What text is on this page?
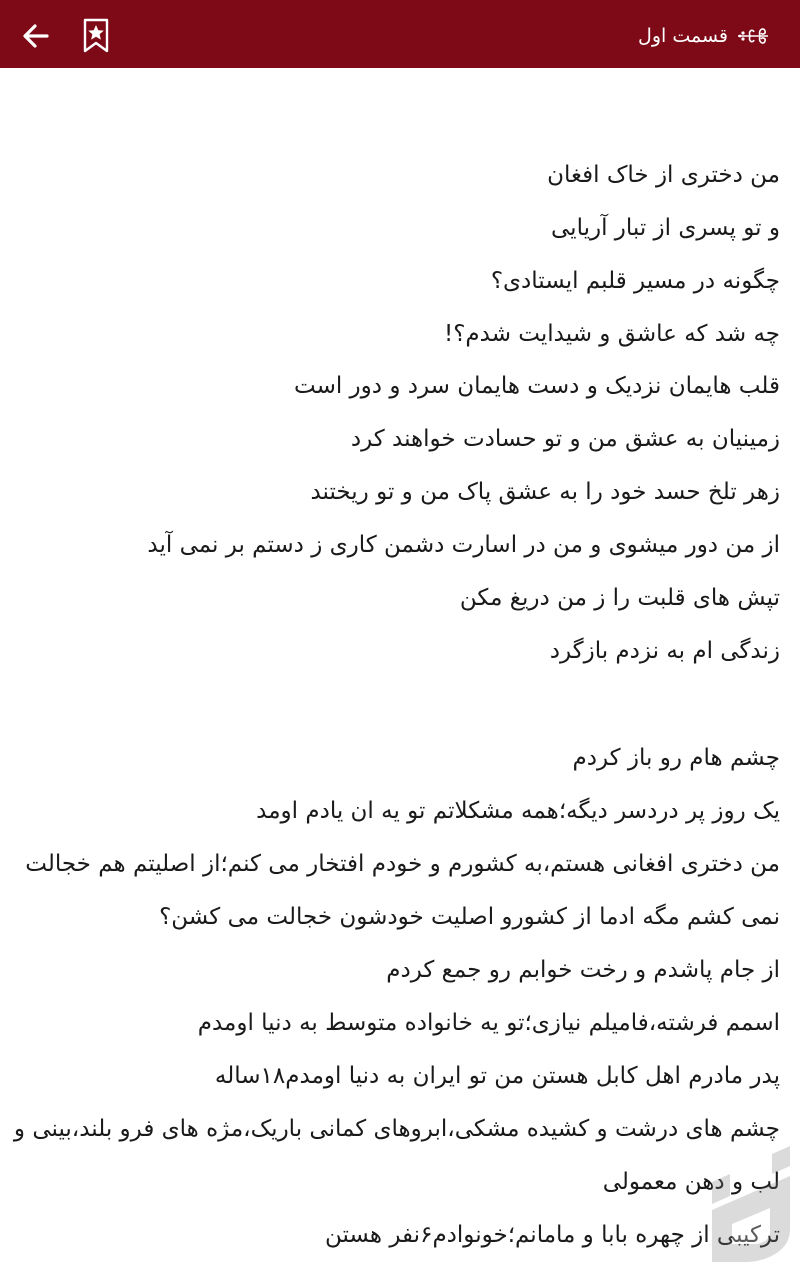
قسمت اول
من دختری از خاک افغان
و تو پسری از تبار آریایی
چگونه در مسیر قلبم ایستادی؟
چه شد که عاشق و شیدایت شدم؟!
قلب هایمان نزدیک و دست هایمان سرد و دور است
زمینیان به عشق من و تو حسادت خواهند کرد
زهر تلخ حسد خود را به عشق پاک من و تو ریختند
از من دور میشوی و من در اسارت دشمن کاری ز دستم بر نمی آید
تپش های قلبت را ز من دریغ مکن
زندگی ام به نزدم بازگرد
چشم هام رو باز کردم
یک روز پر دردسر دیگه؛همه مشکلاتم تو یه ان یادم اومد
من دختری افغانی هستم،به کشورم و خودم افتخار می کنم؛از اصلیتم هم خجالت
نمی کشم مگه ادما از کشورو اصلیت خودشون خجالت می کشن؟
از جام پاشدم و رخت خوابم رو جمع کردم
اسمم فرشته،فامیلم نیازی؛تو یه خانواده متوسط به دنیا اومدم
پدر مادرم اهل کابل هستن من تو ایران به دنیا اومدم۱۸ساله
چشم های درشت و کشیده مشکی،ابروهای کمانی باریک،مژه های فرو بلند،بینی و
لب و دهن معمولی
ترکیبی از چهره بابا و مامانم؛خونوادم۶نفر هستن
